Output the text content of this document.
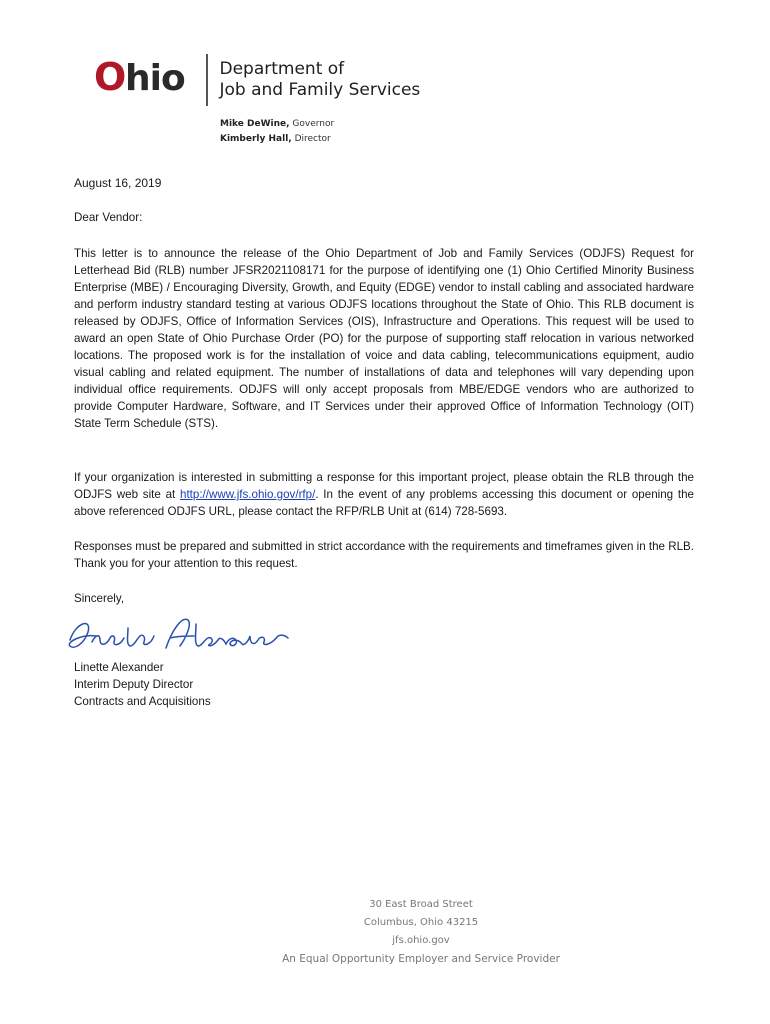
O hio Department of
Job and Family Services
Mike DeWine, Governor
Kimberly Hall, Director
August 16, 2019
Dear Vendor:
This letter is to announce the release of the Ohio Department of Job and Family Services (ODJFS) Request for Letterhead Bid (RLB) number JFSR2021108171 for the purpose of identifying one (1) Ohio Certified Minority Business Enterprise (MBE) / Encouraging Diversity, Growth, and Equity (EDGE) vendor to install cabling and associated hardware and perform industry standard testing at various ODJFS locations throughout the State of Ohio. This RLB document is released by ODJFS, Office of Information Services (OIS), Infrastructure and Operations. This request will be used to award an open State of Ohio Purchase Order (PO) for the purpose of supporting staff relocation in various networked locations. The proposed work is for the installation of voice and data cabling, telecommunications equipment, audio visual cabling and related equipment. The number of installations of data and telephones will vary depending upon individual office requirements. ODJFS will only accept proposals from MBE/EDGE vendors who are authorized to provide Computer Hardware, Software, and IT Services under their approved Office of Information Technology (OIT) State Term Schedule (STS).
If your organization is interested in submitting a response for this important project, please obtain the RLB through the ODJFS web site at http://www.jfs.ohio.gov/rfp/. In the event of any problems accessing this document or opening the above referenced ODJFS URL, please contact the RFP/RLB Unit at (614) 728-5693.
Responses must be prepared and submitted in strict accordance with the requirements and timeframes given in the RLB. Thank you for your attention to this request.
Sincerely,
Linette Alexander
Interim Deputy Director
Contracts and Acquisitions
30 East Broad Street
Columbus, Ohio 43215
jfs.ohio.gov
An Equal Opportunity Employer and Service Provider
